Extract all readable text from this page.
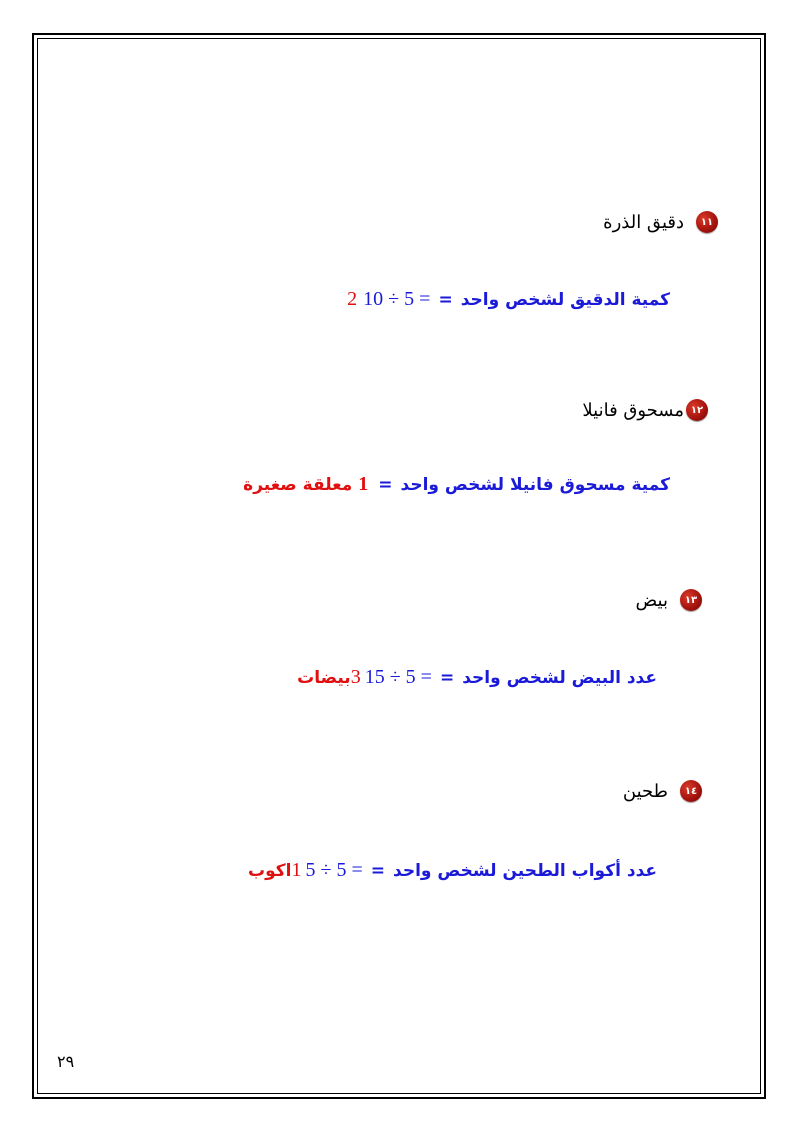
١١
دقيق الذرة
كمية الدقيق لشخص واحد
=
10 ÷ 5 =
2
١٢
مسحوق فانيلا
كمية مسحوق فانيلا لشخص واحد
=
1
معلقة صغيرة
١٣
بيض
عدد البيض لشخص واحد
=
15 ÷ 5 =
3
بيضات
١٤
طحين
عدد أكواب الطحين لشخص واحد
=
5 ÷ 5 =
1
اكوب
٢٩
